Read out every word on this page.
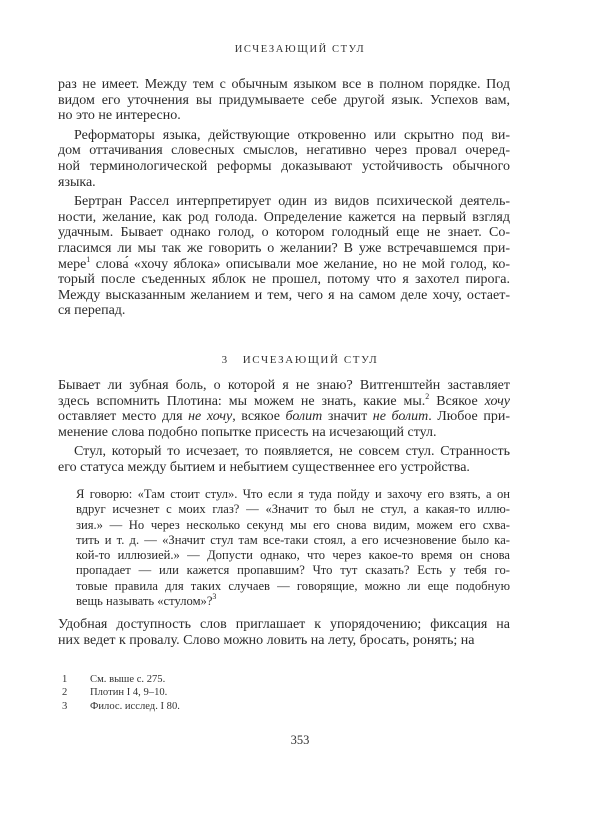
ИСЧЕЗАЮЩИЙ СТУЛ
раз не имеет. Между тем с обычным языком все в полном порядке. Под
видом его уточнения вы придумываете себе другой язык. Успехов вам,
но это не интересно.
Реформаторы языка, действующие откровенно или скрытно под ви-
дом оттачивания словесных смыслов, негативно через провал очеред-
ной терминологической реформы доказывают устойчивость обычного
языка.
Бертран Рассел интерпретирует один из видов психической деятель-
ности, желание, как род голода. Определение кажется на первый взгляд
удачным. Бывает однако голод, о котором голодный еще не знает. Со-
гласимся ли мы так же говорить о желании? В уже встречавшемся при-
мере$^1$ слова́ «хочу яблока» описывали мое желание, но не мой голод, ко-
торый после съеденных яблок не прошел, потому что я захотел пирога.
Между высказанным желанием и тем, чего я на самом деле хочу, остает-
ся перепад.
3 ИСЧЕЗАЮЩИЙ СТУЛ
Бывает ли зубная боль, о которой я не знаю? Витгенштейн заставляет
здесь вспомнить Плотина: мы можем не знать, какие мы.$^2$ Всякое хочу
оставляет место для не хочу, всякое болит значит не болит. Любое при-
менение слова подобно попытке присесть на исчезающий стул.
Стул, который то исчезает, то появляется, не совсем стул. Странность
его статуса между бытием и небытием существеннее его устройства.
Я говорю: «Там стоит стул». Что если я туда пойду и захочу его взять, а он
вдруг исчезнет с моих глаз? — «Значит то был не стул, а какая-то иллю-
зия.» — Но через несколько секунд мы его снова видим, можем его схва-
тить и т. д. — «Значит стул там все-таки стоял, а его исчезновение было ка-
кой-то иллюзией.» — Допусти однако, что через какое-то время он снова
пропадает — или кажется пропавшим? Что тут сказать? Есть у тебя го-
товые правила для таких случаев — говорящие, можно ли еще подобную
вещь называть «стулом»?$^3$
Удобная доступность слов приглашает к упорядочению; фиксация на
них ведет к провалу. Слово можно ловить на лету, бросать, ронять; на
1	См. выше с. 275.
2	Плотин I 4, 9–10.
3	Филос. исслед. I 80.
353
